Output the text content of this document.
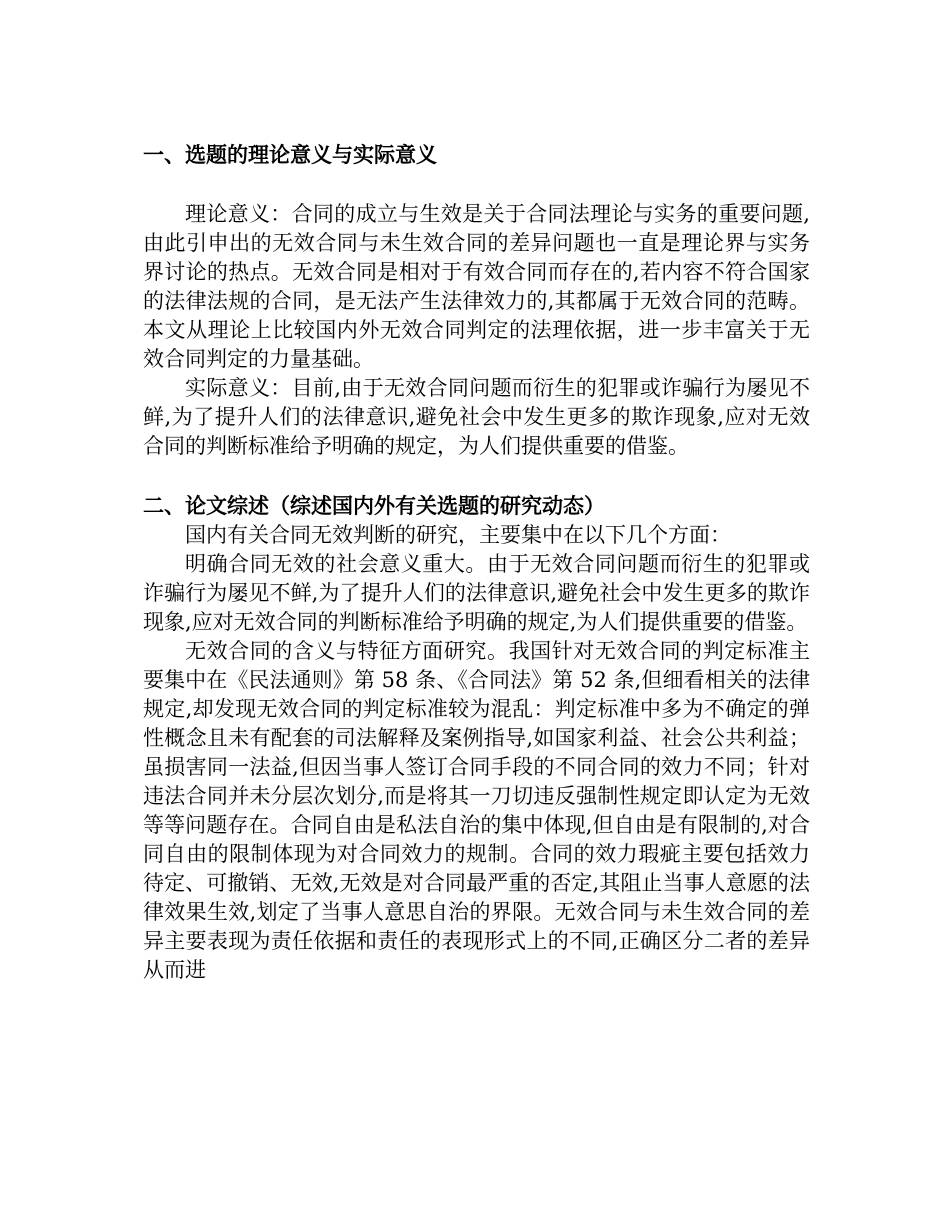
一、选题的理论意义与实际意义

理论意义：合同的成立与生效是关于合同法理论与实务的重要问题,由此引申出的无效合同与未生效合同的差异问题也一直是理论界与实务界讨论的热点。无效合同是相对于有效合同而存在的,若内容不符合国家的法律法规的合同，是无法产生法律效力的,其都属于无效合同的范畴。本文从理论上比较国内外无效合同判定的法理依据，进一步丰富关于无效合同判定的力量基础。

实际意义：目前,由于无效合同问题而衍生的犯罪或诈骗行为屡见不鲜,为了提升人们的法律意识,避免社会中发生更多的欺诈现象,应对无效合同的判断标准给予明确的规定，为人们提供重要的借鉴。

二、论文综述（综述国内外有关选题的研究动态）

国内有关合同无效判断的研究，主要集中在以下几个方面：

明确合同无效的社会意义重大。由于无效合同问题而衍生的犯罪或诈骗行为屡见不鲜,为了提升人们的法律意识,避免社会中发生更多的欺诈现象,应对无效合同的判断标准给予明确的规定,为人们提供重要的借鉴。

无效合同的含义与特征方面研究。我国针对无效合同的判定标准主要集中在《民法通则》第 58 条、《合同法》第 52 条,但细看相关的法律规定,却发现无效合同的判定标准较为混乱：判定标准中多为不确定的弹性概念且未有配套的司法解释及案例指导,如国家利益、社会公共利益；虽损害同一法益,但因当事人签订合同手段的不同合同的效力不同；针对违法合同并未分层次划分,而是将其一刀切违反强制性规定即认定为无效等等问题存在。合同自由是私法自治的集中体现,但自由是有限制的,对合同自由的限制体现为对合同效力的规制。合同的效力瑕疵主要包括效力待定、可撤销、无效,无效是对合同最严重的否定,其阻止当事人意愿的法律效果生效,划定了当事人意思自治的界限。无效合同与未生效合同的差异主要表现为责任依据和责任的表现形式上的不同,正确区分二者的差异从而进
